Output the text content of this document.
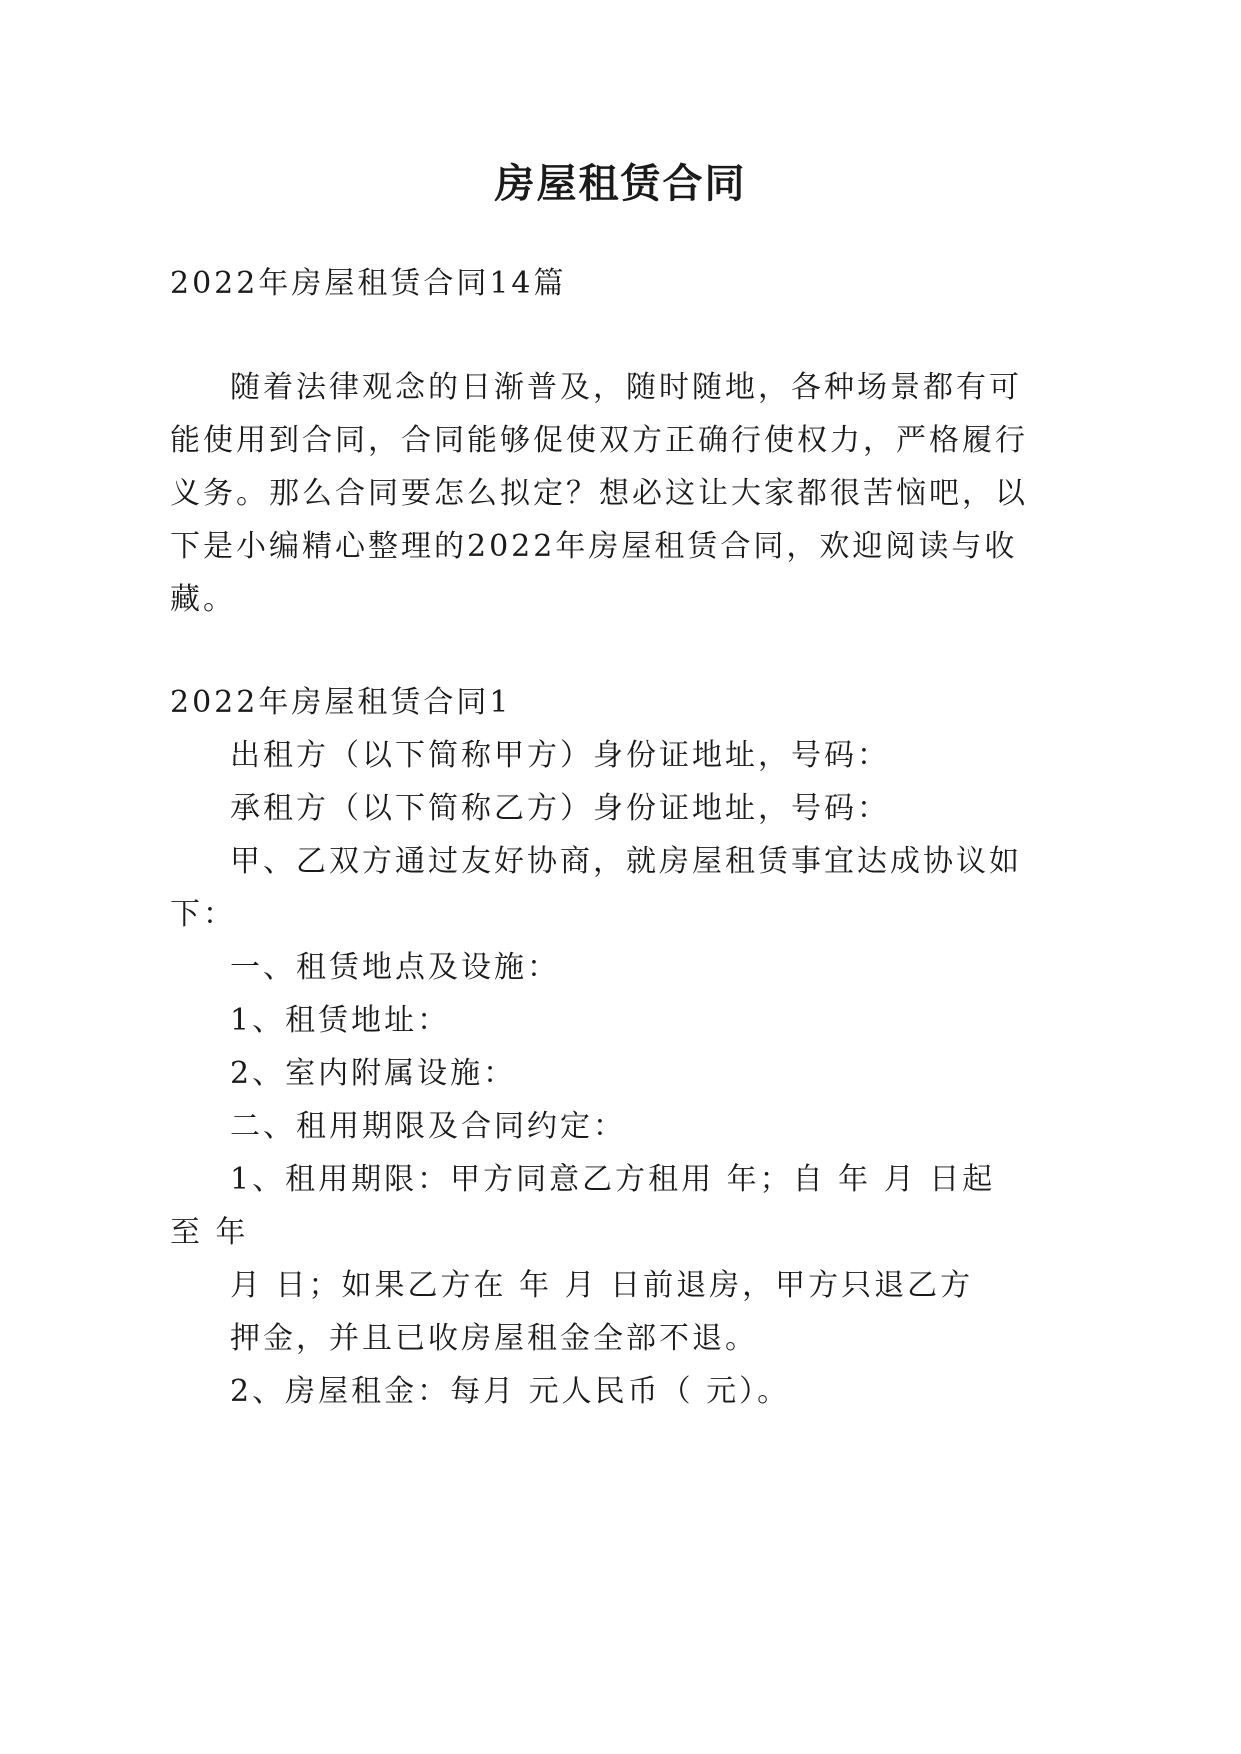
房屋租赁合同
2022年房屋租赁合同14篇
随着法律观念的日渐普及，随时随地，各种场景都有可
能使用到合同，合同能够促使双方正确行使权力，严格履行
义务。那么合同要怎么拟定？想必这让大家都很苦恼吧，以
下是小编精心整理的2022年房屋租赁合同，欢迎阅读与收
藏。
2022年房屋租赁合同1
出租方（以下简称甲方）身份证地址，号码：
承租方（以下简称乙方）身份证地址，号码：
甲、乙双方通过友好协商，就房屋租赁事宜达成协议如
下：
一、租赁地点及设施：
1、租赁地址：
2、室内附属设施：
二、租用期限及合同约定：
1、租用期限：甲方同意乙方租用 年；自 年 月 日起
至 年
月 日；如果乙方在 年 月 日前退房，甲方只退乙方
押金，并且已收房屋租金全部不退。
2、房屋租金：每月 元人民币（ 元）。
